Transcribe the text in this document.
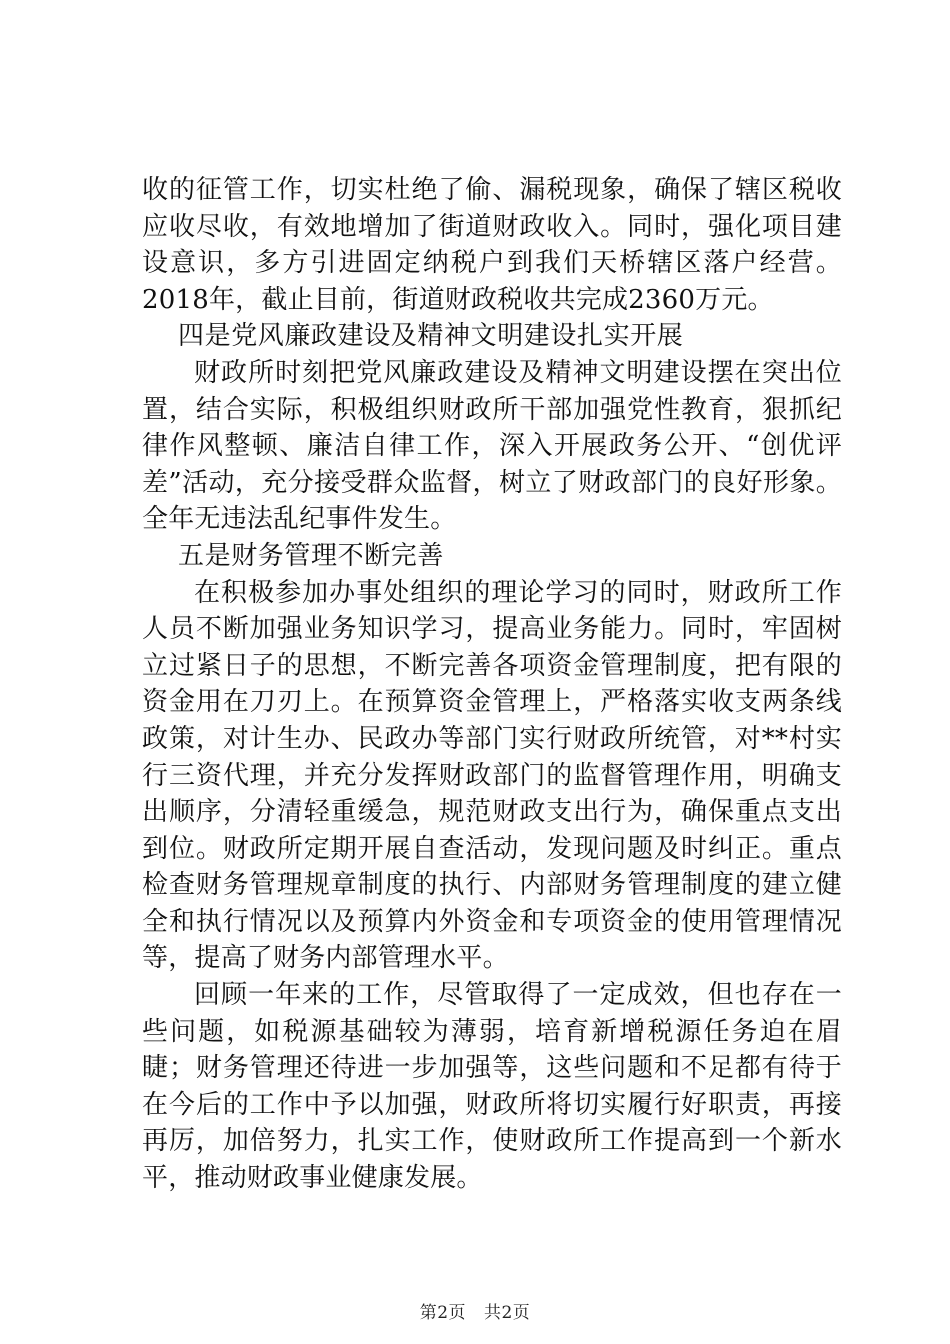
收的征管工作，切实杜绝了偷、漏税现象，确保了辖区税收应收尽收，有效地增加了街道财政收入。同时，强化项目建设意识，多方引进固定纳税户到我们天桥辖区落户经营。2018年，截止目前，街道财政税收共完成2360万元。

四是党风廉政建设及精神文明建设扎实开展

财政所时刻把党风廉政建设及精神文明建设摆在突出位置，结合实际，积极组织财政所干部加强党性教育，狠抓纪律作风整顿、廉洁自律工作，深入开展政务公开、“创优评差”活动，充分接受群众监督，树立了财政部门的良好形象。全年无违法乱纪事件发生。

五是财务管理不断完善

在积极参加办事处组织的理论学习的同时，财政所工作人员不断加强业务知识学习，提高业务能力。同时，牢固树立过紧日子的思想，不断完善各项资金管理制度，把有限的资金用在刀刃上。在预算资金管理上，严格落实收支两条线政策，对计生办、民政办等部门实行财政所统管，对**村实行三资代理，并充分发挥财政部门的监督管理作用，明确支出顺序，分清轻重缓急，规范财政支出行为，确保重点支出到位。财政所定期开展自查活动，发现问题及时纠正。重点检查财务管理规章制度的执行、内部财务管理制度的建立健全和执行情况以及预算内外资金和专项资金的使用管理情况等，提高了财务内部管理水平。

回顾一年来的工作，尽管取得了一定成效，但也存在一些问题，如税源基础较为薄弱，培育新增税源任务迫在眉睫；财务管理还待进一步加强等，这些问题和不足都有待于在今后的工作中予以加强，财政所将切实履行好职责，再接再厉，加倍努力，扎实工作，使财政所工作提高到一个新水平，推动财政事业健康发展。

第2页 共2页
